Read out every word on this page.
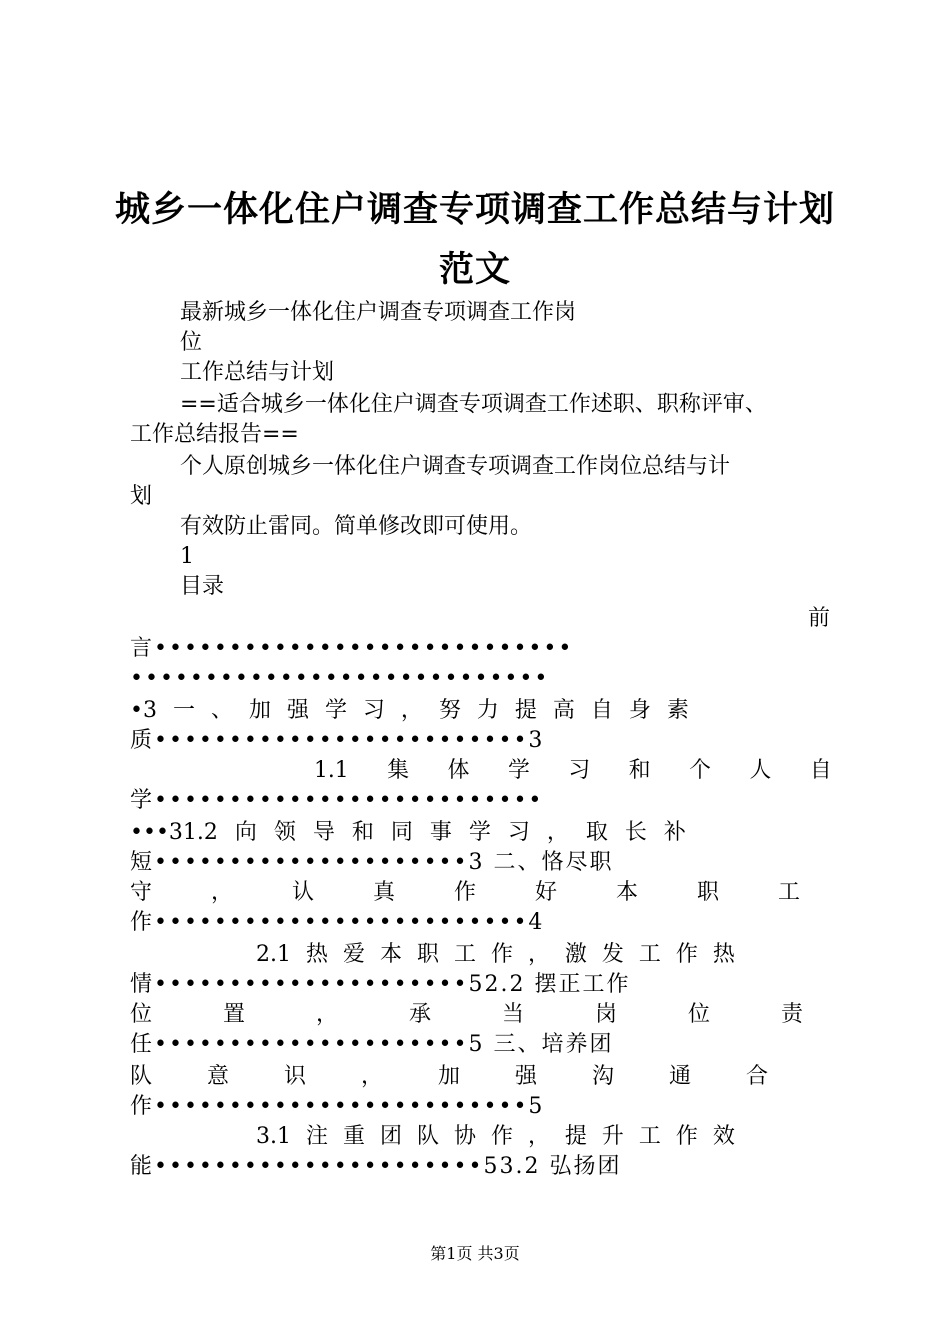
城乡一体化住户调查专项调查工作总结与计划
范文
最新城乡一体化住户调查专项调查工作岗
位
工作总结与计划
==适合城乡一体化住户调查专项调查工作述职、职称评审、
工作总结报告==
个人原创城乡一体化住户调查专项调查工作岗位总结与计
划
有效防止雷同。简单修改即可使用。
1
目录
前
言••••••••••••••••••••••••••••
••••••••••••••••••••••••••••
•3 一 、 加 强 学 习 ， 努 力 提 高 自 身 素
质•••••••••••••••••••••••••3
1.1 集 体 学 习 和 个 人 自
学••••••••••••••••••••••••••
•••31.2 向 领 导 和 同 事 学 习 ， 取 长 补
短•••••••••••••••••••••3 二、恪尽职
守 ， 认 真 作 好 本 职 工
作•••••••••••••••••••••••••4
2.1 热 爱 本 职 工 作 ， 激 发 工 作 热
情•••••••••••••••••••••52.2 摆正工作
位 置 ， 承 当 岗 位 责
任•••••••••••••••••••••5 三、培养团
队 意 识 ， 加 强 沟 通 合
作•••••••••••••••••••••••••5
3.1 注 重 团 队 协 作 ， 提 升 工 作 效
能••••••••••••••••••••••53.2 弘扬团
第1页 共3页
